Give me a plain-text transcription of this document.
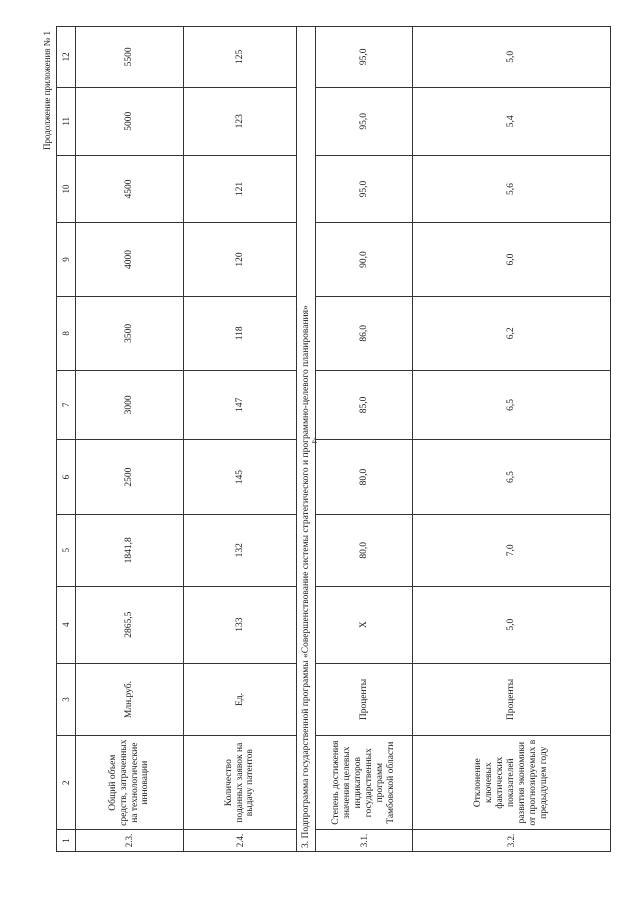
4
Продолжение приложения № 1
1	2	3	4	5	6	7	8	9	10	11	12
2.3.	Общий объем средств, затраченных на технологические инновации	Млн.руб.	2865,5	1841,8	2500	3000	3500	4000	4500	5000	5500
2.4.	Количество поданных заявок на выдачу патентов	Ед.	133	132	145	147	118	120	121	123	125
3. Подпрограмма государственной программы «Совершенствование системы стратегического и программно-целевого планирования»											
3.1.	Степень достижения значения целевых индикаторов государственных программ Тамбовской области	Проценты	Х	80,0	80,0	85,0	86,0	90,0	95,0	95,0	95,0
3.2.	Отклонение ключевых фактических показателей развития экономики от прогнозируемых в предыдущем году	Проценты	5,0	7,0	6,5	6,5	6,2	6,0	5,6	5,4	5,0
